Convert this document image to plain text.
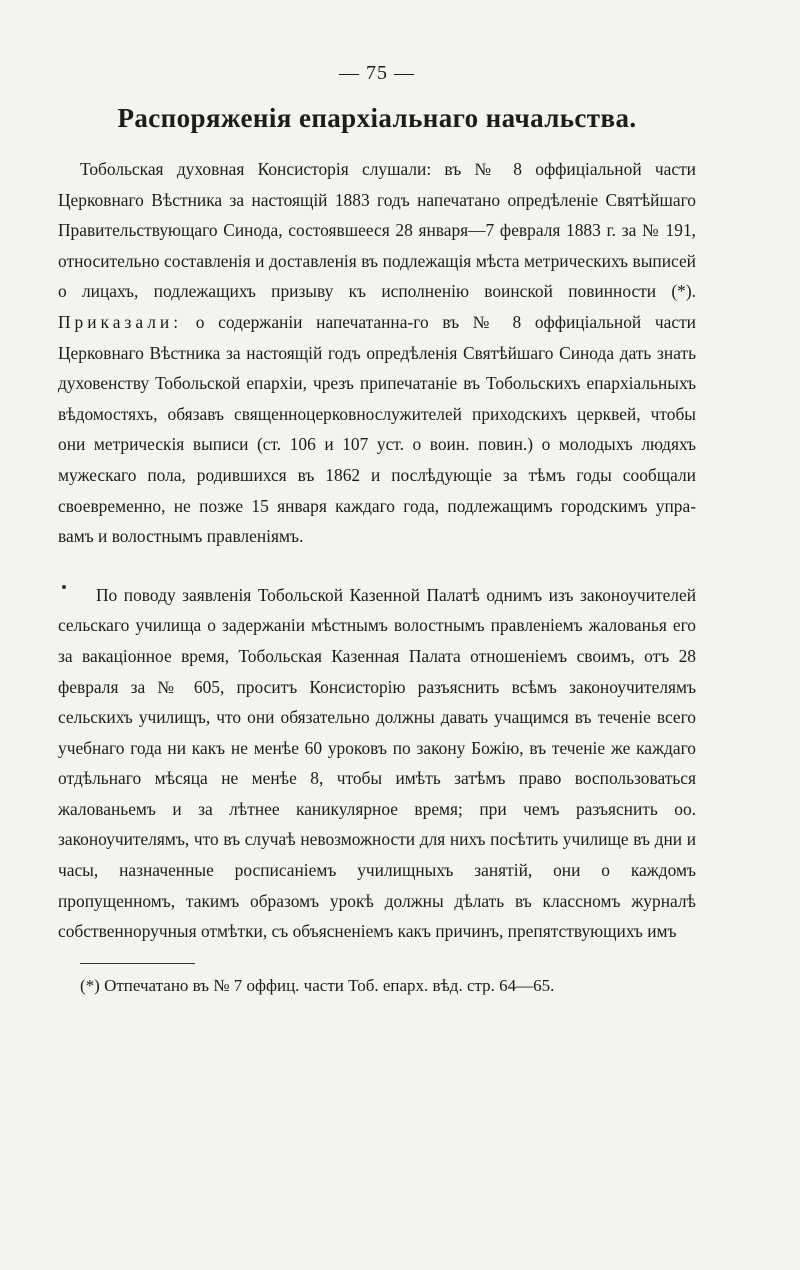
— 75 —
Распоряженія епархіальнаго начальства.

Тобольская духовная Консисторія слушали: въ № 8 оффиціальной части Церковнаго Вѣстника за настоящій 1883 годъ напечатано опредѣленіе Святѣйшаго Правительствующаго Синода, состоявшееся 28 января—7 февраля 1883 г. за № 191, относительно составленія и доставленія въ подлежащія мѣста метрическихъ выписей о лицахъ, подлежащихъ призыву къ исполненію воинской повинности (*). Приказали: о содержаніи напечатанна-го въ № 8 оффиціальной части Церковнаго Вѣстника за настоящій годъ опредѣленія Святѣйшаго Синода дать знать духовенству Тобольской епархіи, чрезъ припечатаніе въ Тобольскихъ епархіальныхъ вѣдомостяхъ, обязавъ священноцерковнослужителей приходскихъ церквей, чтобы они метрическія выписи (ст. 106 и 107 уст. о воин. повин.) о молодыхъ людяхъ мужескаго пола, родившихся въ 1862 и послѣдующіе за тѣмъ годы сообщали своевременно, не позже 15 января каждаго года, подлежащимъ городскимъ упра-вамъ и волостнымъ правленіямъ.

По поводу заявленія Тобольской Казенной Палатѣ однимъ изъ законоучителей сельскаго училища о задержаніи мѣстнымъ волостнымъ правленіемъ жалованья его за вакаціонное время, Тобольская Казенная Палата отношеніемъ своимъ, отъ 28 февраля за № 605, проситъ Консисторію разъяснить всѣмъ законоучителямъ сельскихъ училищъ, что они обязательно должны давать учащимся въ теченіе всего учебнаго года ни какъ не менѣе 60 уроковъ по закону Божію, въ теченіе же каждаго отдѣльнаго мѣсяца не менѣе 8, чтобы имѣть затѣмъ право воспользоваться жалованьемъ и за лѣтнее каникулярное время; при чемъ разъяснить оо. законоучителямъ, что въ случаѣ невозможности для нихъ посѣтить училище въ дни и часы, назначенные росписаніемъ училищныхъ занятій, они о каждомъ пропущенномъ, такимъ образомъ урокѣ должны дѣлать въ классномъ журналѣ собственноручныя отмѣтки, съ объясненіемъ какъ причинъ, препятствующихъ имъ

(*) Отпечатано въ № 7 оффиц. части Тоб. епарх. вѣд. стр. 64—65.
